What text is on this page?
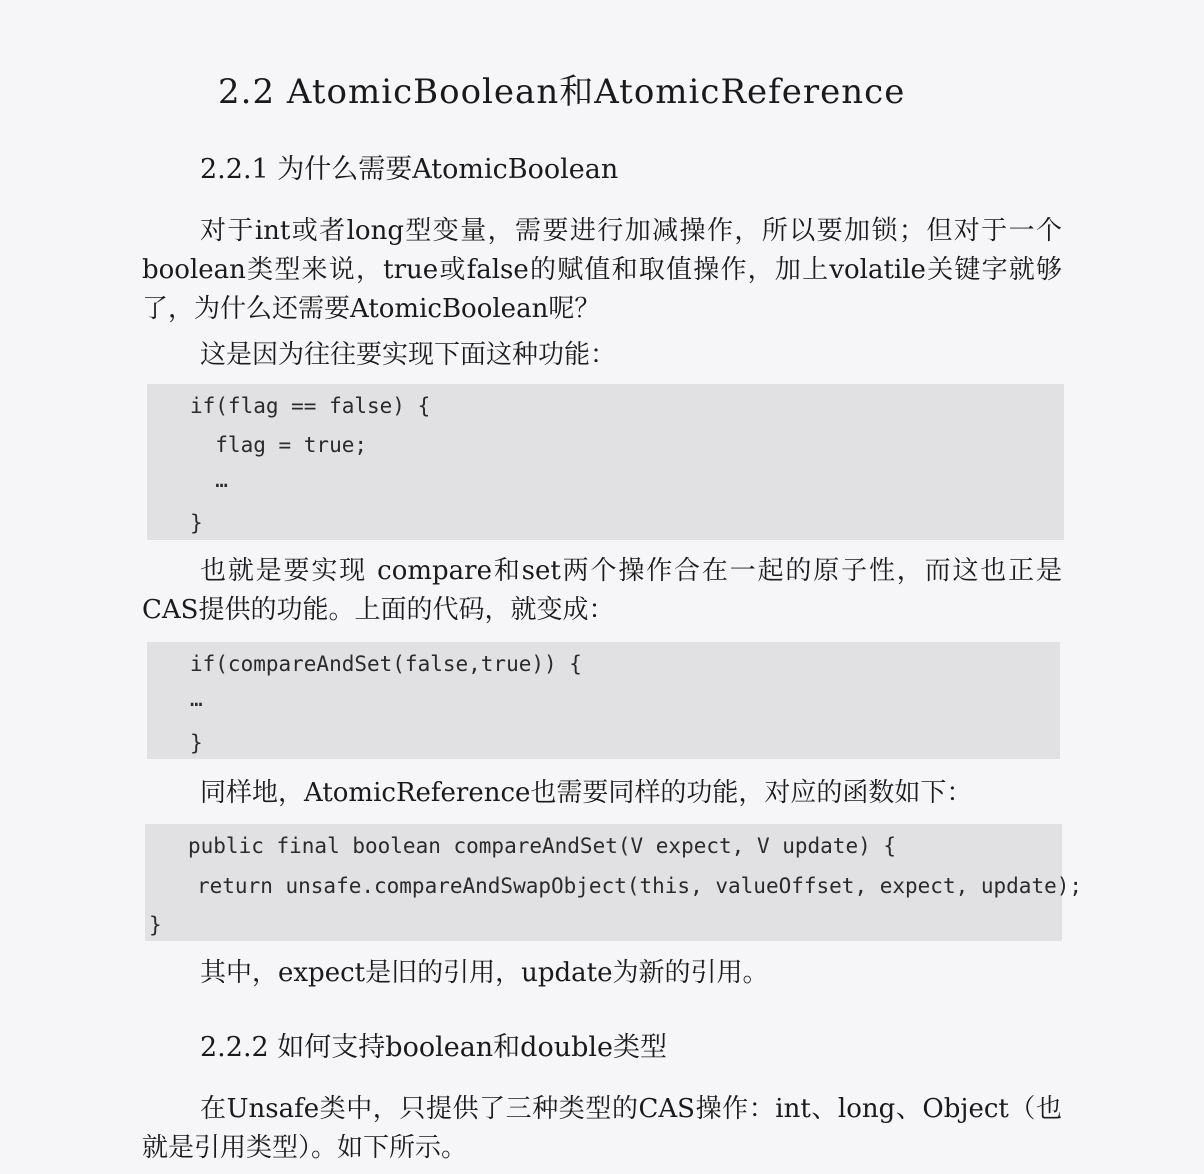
2.2 AtomicBoolean和AtomicReference
2.2.1 为什么需要AtomicBoolean

对于int或者long型变量，需要进行加减操作，所以要加锁；但对于一个boolean类型来说，true或false的赋值和取值操作，加上volatile关键字就够了，为什么还需要AtomicBoolean呢？

这是因为往往要实现下面这种功能：

if(flag == false) {
flag = true;
…
}

也就是要实现 compare和set两个操作合在一起的原子性，而这也正是CAS提供的功能。上面的代码，就变成：

if(compareAndSet(false,true)) {
…
}

同样地，AtomicReference也需要同样的功能，对应的函数如下：

public final boolean compareAndSet(V expect, V update) {
return unsafe.compareAndSwapObject(this, valueOffset, expect, update);
}

其中，expect是旧的引用，update为新的引用。

2.2.2 如何支持boolean和double类型

在Unsafe类中，只提供了三种类型的CAS操作：int、long、Object（也就是引用类型）。如下所示。
